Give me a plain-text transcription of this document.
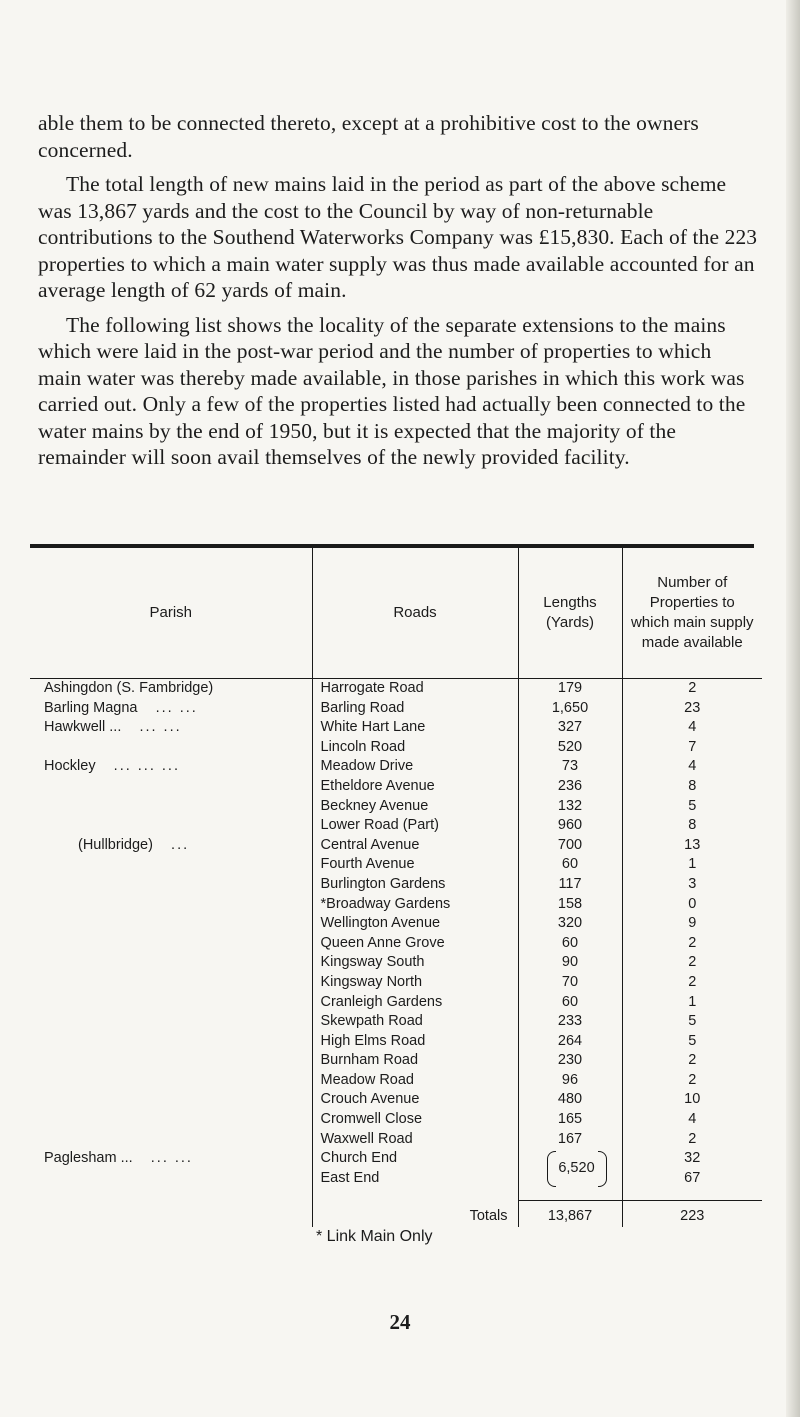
able them to be connected thereto, except at a prohibitive cost to the owners concerned.

The total length of new mains laid in the period as part of the above scheme was 13,867 yards and the cost to the Council by way of non-returnable contributions to the Southend Waterworks Company was £15,830. Each of the 223 properties to which a main water supply was thus made available accounted for an average length of 62 yards of main.

The following list shows the locality of the separate extensions to the mains which were laid in the post-war period and the number of properties to which main water was thereby made available, in those parishes in which this work was carried out. Only a few of the properties listed had actually been connected to the water mains by the end of 1950, but it is expected that the majority of the remainder will soon avail themselves of the newly provided facility.

Parish	Roads	Lengths (Yards)	Number of Properties to which main supply made available
Ashingdon (S. Fambridge)	Harrogate Road	179	2
Barling Magna   ... ...	Barling Road	1,650	23
Hawkwell ...   ... ...	White Hart Lane	327	4
	Lincoln Road	520	7
Hockley   ... ... ...	Meadow Drive	73	4
	Etheldore Avenue	236	8
	Beckney Avenue	132	5
	Lower Road (Part)	960	8
(Hullbridge)   ...	Central Avenue	700	13
	Fourth Avenue	60	1
	Burlington Gardens	117	3
	*Broadway Gardens	158	0
	Wellington Avenue	320	9
	Queen Anne Grove	60	2
	Kingsway South	90	2
	Kingsway North	70	2
	Cranleigh Gardens	60	1
	Skewpath Road	233	5
	High Elms Road	264	5
	Burnham Road	230	2
	Meadow Road	96	2
	Crouch Avenue	480	10
	Cromwell Close	165	4
	Waxwell Road	167	2
Paglesham ...   ... ...	Church End	6,520	32
	East End		67

	Totals	13,867	223
	* Link Main Only		
24
